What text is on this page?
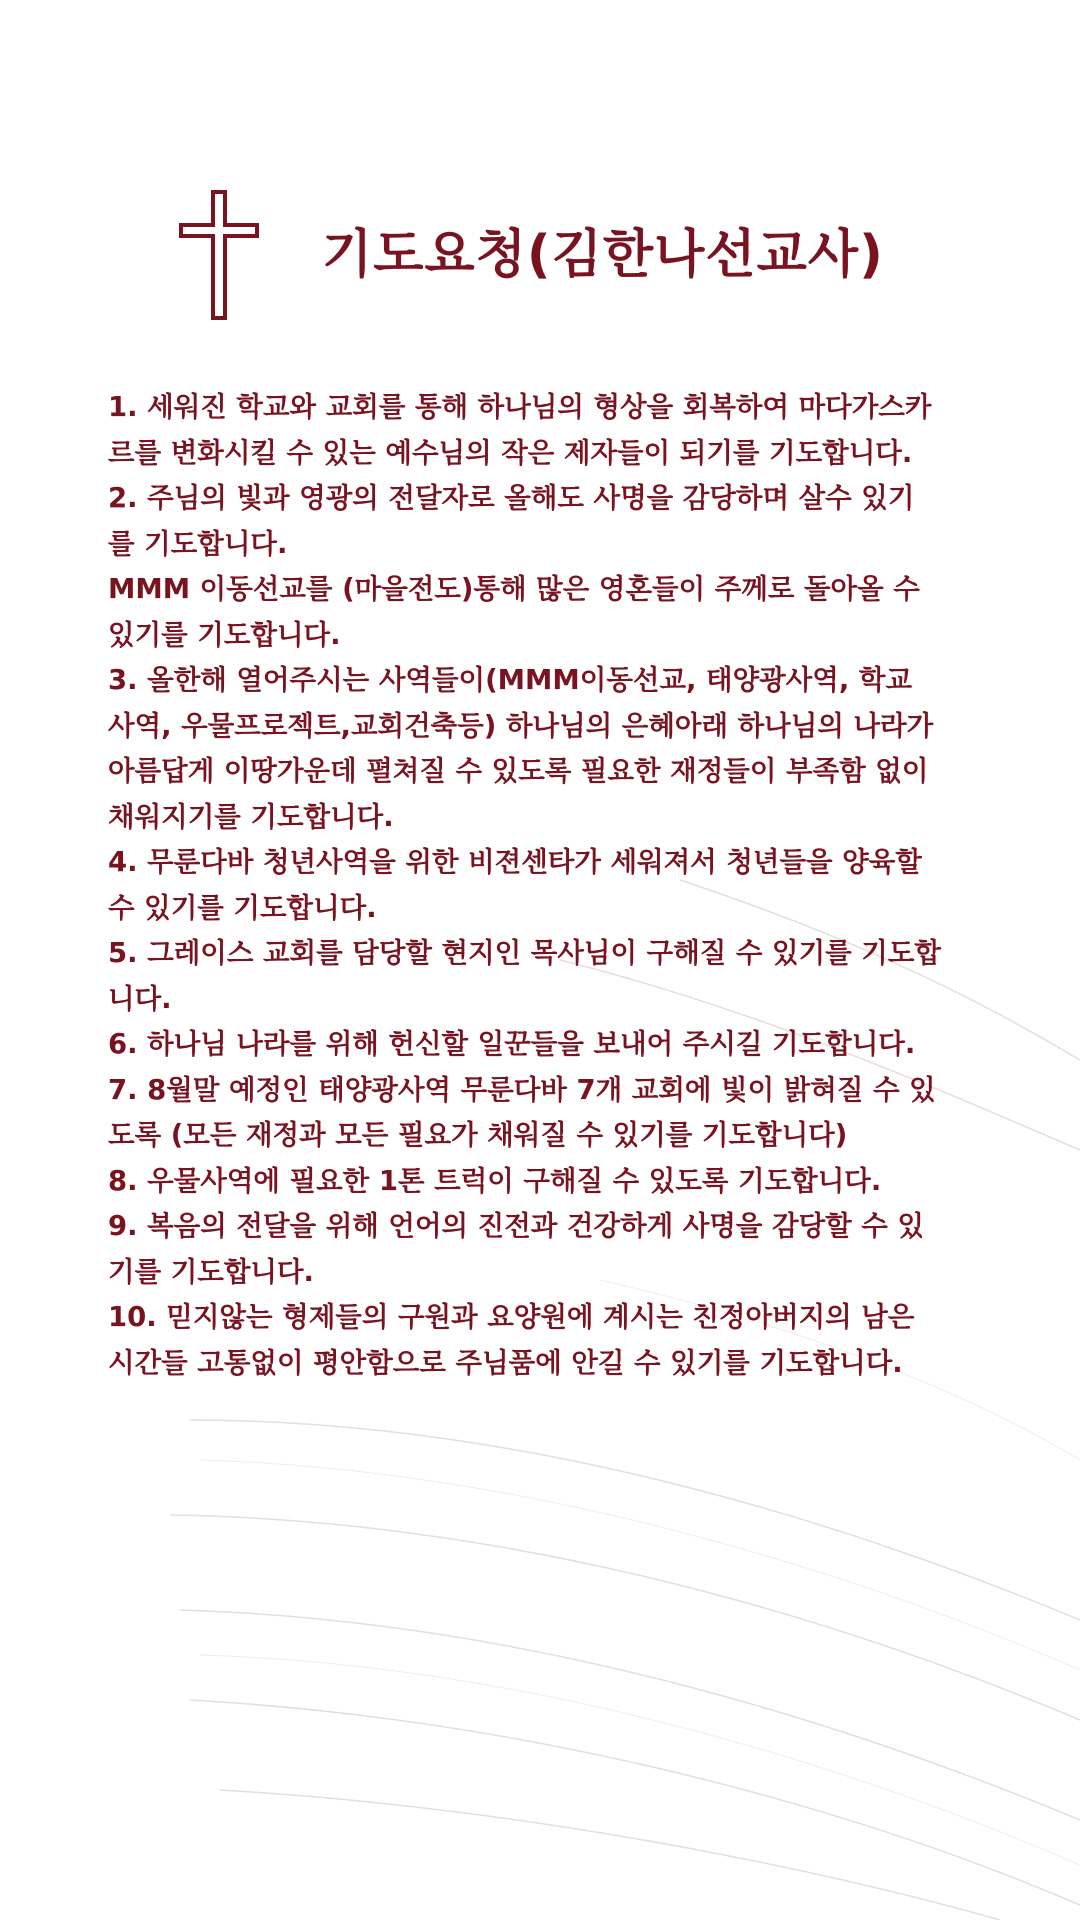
기도요청(김한나선교사)

1. 세워진 학교와 교회를 통해 하나님의 형상을 회복하여 마다가스카

르를 변화시킬 수 있는 예수님의 작은 제자들이 되기를 기도합니다.

2. 주님의 빛과 영광의 전달자로 올해도 사명을 감당하며 살수 있기

를 기도합니다.

MMM 이동선교를 (마을전도)통해 많은 영혼들이 주께로 돌아올 수

있기를 기도합니다.

3. 올한해 열어주시는 사역들이(MMM이동선교, 태양광사역, 학교

사역, 우물프로젝트,교회건축등) 하나님의 은혜아래 하나님의 나라가

아름답게 이땅가운데 펼쳐질 수 있도록 필요한 재정들이 부족함 없이

채워지기를 기도합니다.

4. 무룬다바 청년사역을 위한 비젼센타가 세워져서 청년들을 양육할

수 있기를 기도합니다.

5. 그레이스 교회를 담당할 현지인 목사님이 구해질 수 있기를 기도합

니다.

6. 하나님 나라를 위해 헌신할 일꾼들을 보내어 주시길 기도합니다.

7. 8월말 예정인 태양광사역 무룬다바 7개 교회에 빛이 밝혀질 수 있

도록 (모든 재정과 모든 필요가 채워질 수 있기를 기도합니다)

8. 우물사역에 필요한 1톤 트럭이 구해질 수 있도록 기도합니다.

9. 복음의 전달을 위해 언어의 진전과 건강하게 사명을 감당할 수 있

기를 기도합니다.

10. 믿지않는 형제들의 구원과 요양원에 계시는 친정아버지의 남은

시간들 고통없이 평안함으로 주님품에 안길 수 있기를 기도합니다.
